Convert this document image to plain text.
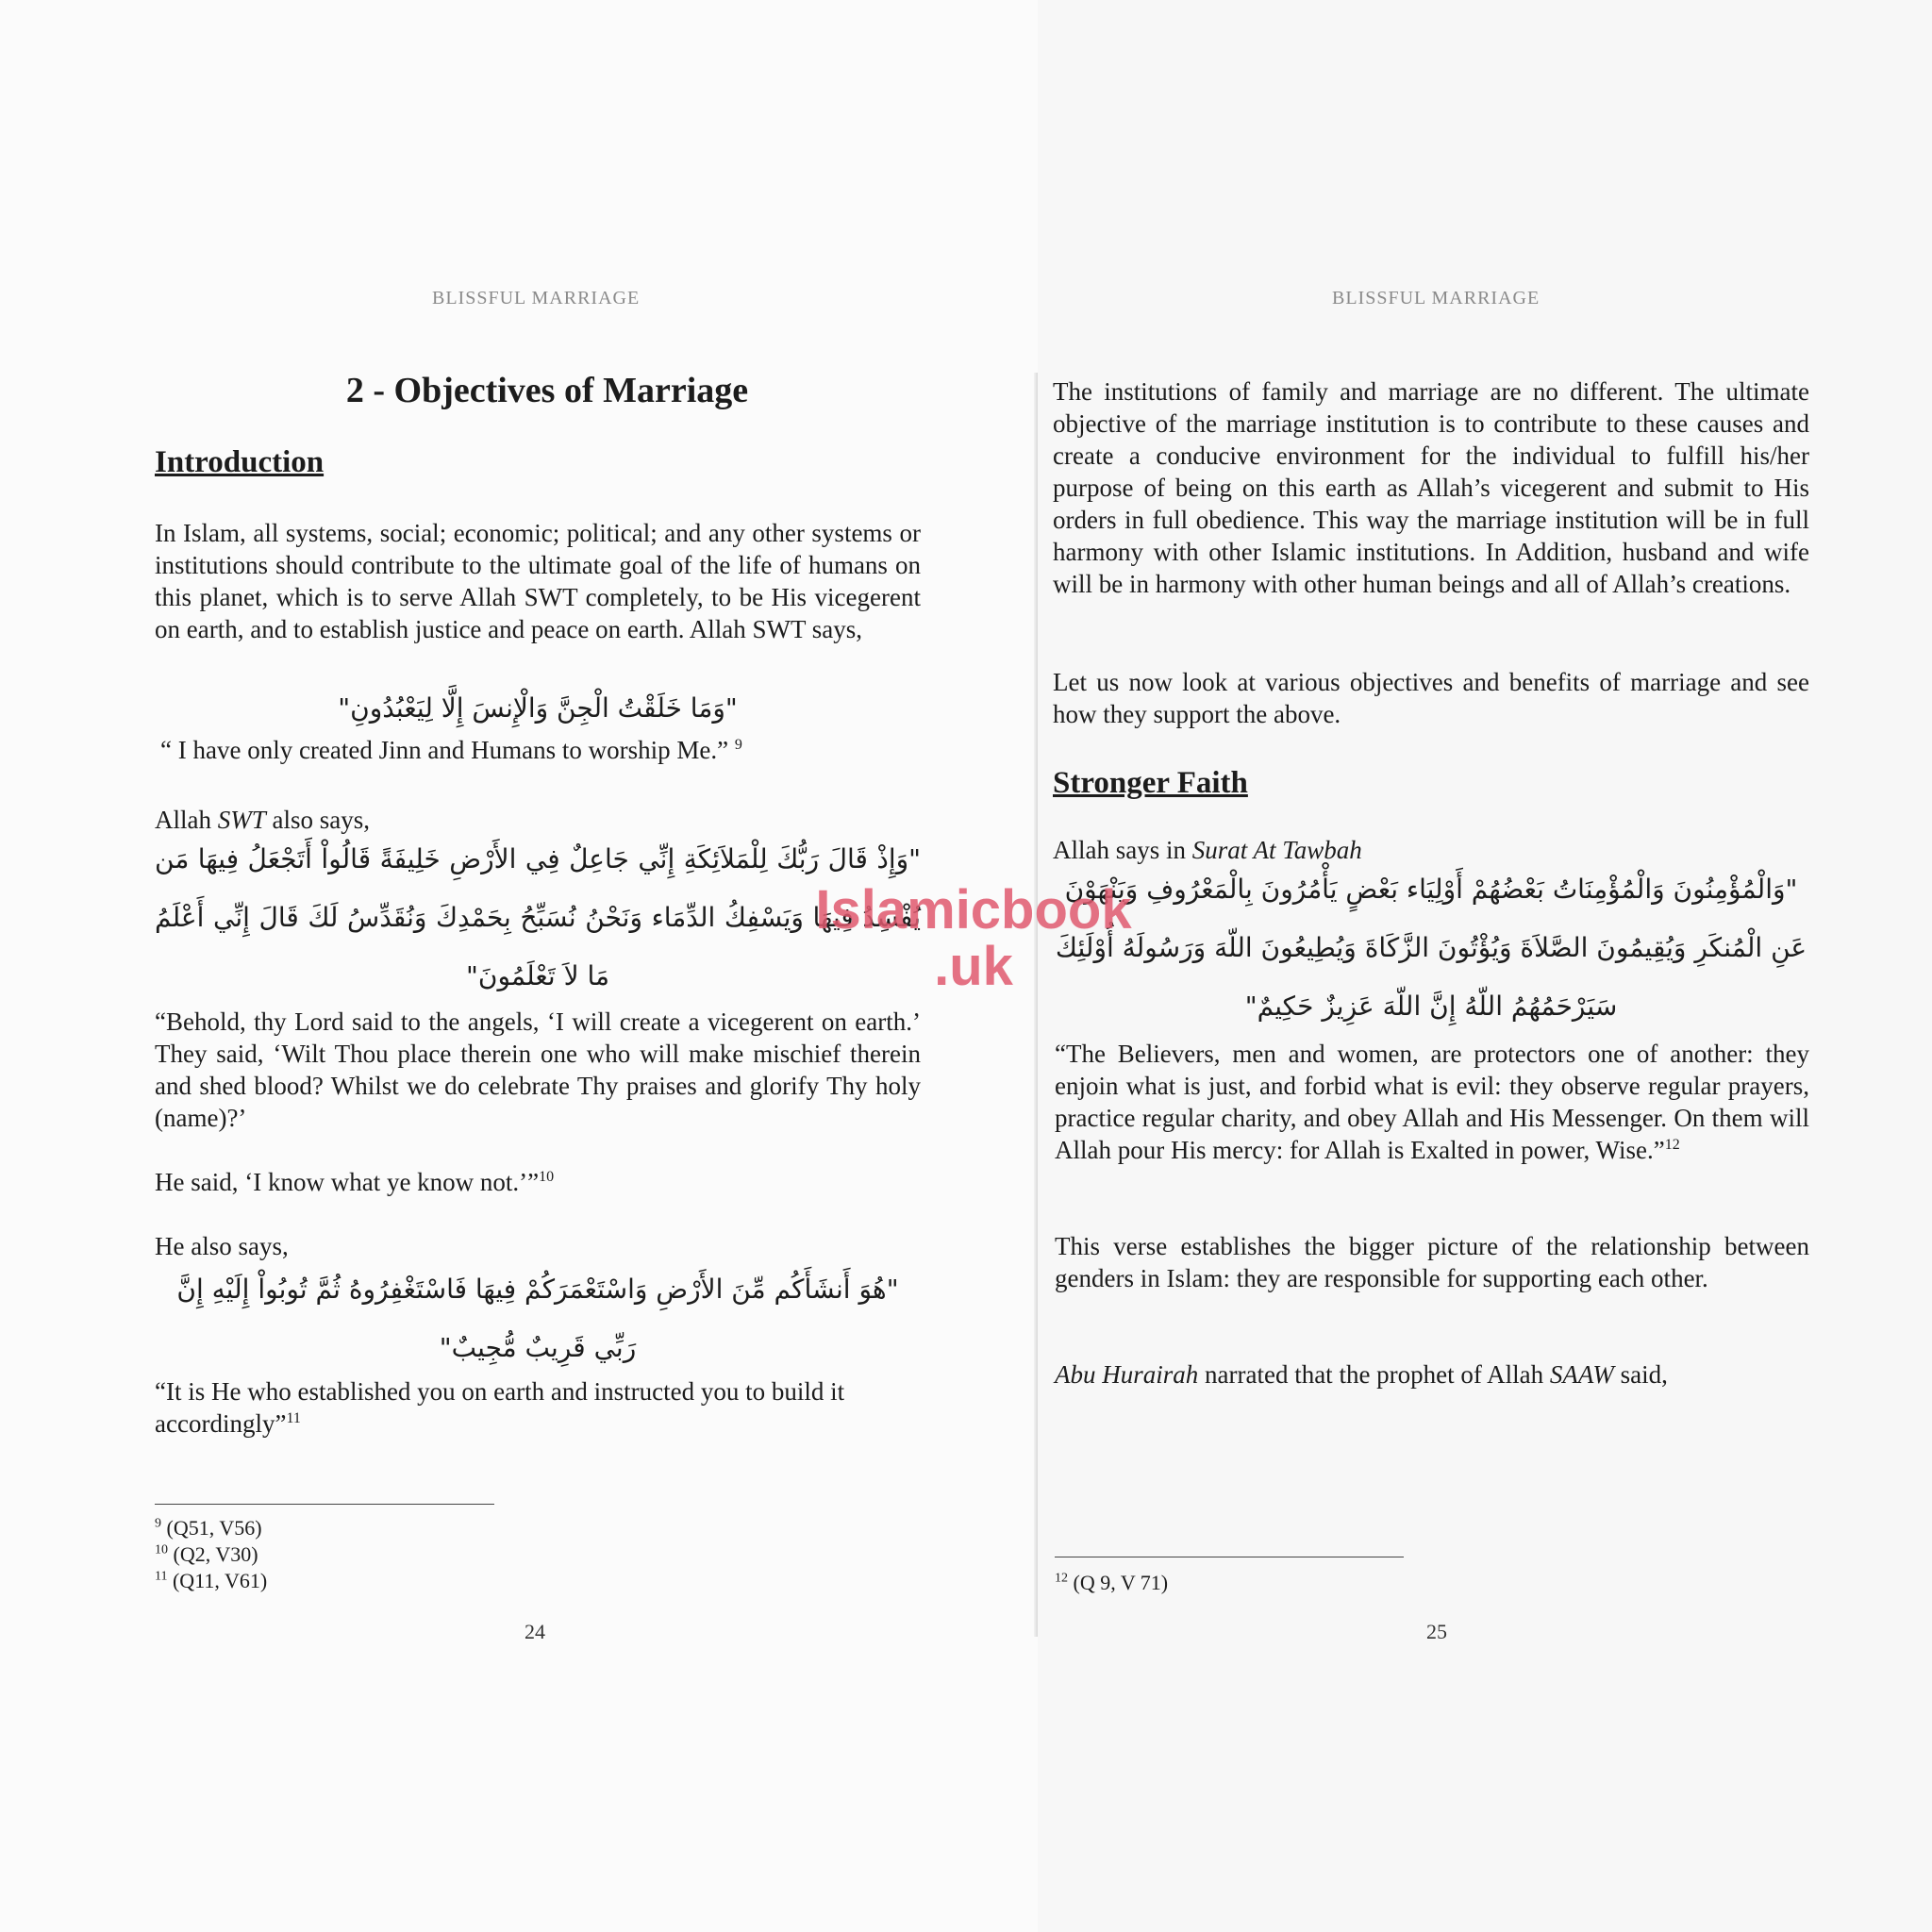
BLISSFUL MARRIAGE
2 - Objectives of Marriage
Introduction

In Islam, all systems, social; economic; political; and any other systems or institutions should contribute to the ultimate goal of the life of humans on this planet, which is to serve Allah SWT completely, to be His vicegerent on earth, and to establish justice and peace on earth. Allah SWT says,

"وَمَا خَلَقْتُ الْجِنَّ وَالْإِنسَ إِلَّا لِيَعْبُدُونِ"

“ I have only created Jinn and Humans to worship Me.” $^9$

Allah SWT also says,

"وَإِذْ قَالَ رَبُّكَ لِلْمَلاَئِكَةِ إِنِّي جَاعِلٌ فِي الأَرْضِ خَلِيفَةً قَالُواْ أَتَجْعَلُ فِيهَا مَن يُفْسِدُ فِيهَا وَيَسْفِكُ الدِّمَاء وَنَحْنُ نُسَبِّحُ بِحَمْدِكَ وَنُقَدِّسُ لَكَ قَالَ إِنِّي أَعْلَمُ مَا لاَ تَعْلَمُونَ"

“Behold, thy Lord said to the angels, ‘I will create a vicegerent on earth.’ They said, ‘Wilt Thou place therein one who will make mischief therein and shed blood? Whilst we do celebrate Thy praises and glorify Thy holy (name)?’

He said, ‘I know what ye know not.’”$^{10}$

He also says,

"هُوَ أَنشَأَكُم مِّنَ الأَرْضِ وَاسْتَعْمَرَكُمْ فِيهَا فَاسْتَغْفِرُوهُ ثُمَّ تُوبُواْ إِلَيْهِ إِنَّ رَبِّي قَرِيبٌ مُّجِيبٌ"

“It is He who established you on earth and instructed you to build it accordingly”$^{11}$

$^9$ (Q51, V56)
$^{10}$ (Q2, V30)
$^{11}$ (Q11, V61)
24
BLISSFUL MARRIAGE

The institutions of family and marriage are no different. The ultimate objective of the marriage institution is to contribute to these causes and create a conducive environment for the individual to fulfill his/her purpose of being on this earth as Allah’s vicegerent and submit to His orders in full obedience. This way the marriage institution will be in full harmony with other Islamic institutions. In Addition, husband and wife will be in harmony with other human beings and all of Allah’s creations.

Let us now look at various objectives and benefits of marriage and see how they support the above.

Stronger Faith

Allah says in Surat At Tawbah

"وَالْمُؤْمِنُونَ وَالْمُؤْمِنَاتُ بَعْضُهُمْ أَوْلِيَاء بَعْضٍ يَأْمُرُونَ بِالْمَعْرُوفِ وَيَنْهَوْنَ عَنِ الْمُنكَرِ وَيُقِيمُونَ الصَّلاَةَ وَيُؤْتُونَ الزَّكَاةَ وَيُطِيعُونَ اللّهَ وَرَسُولَهُ أُوْلَئِكَ سَيَرْحَمُهُمُ اللّهُ إِنَّ اللّهَ عَزِيزٌ حَكِيمٌ"

“The Believers, men and women, are protectors one of another: they enjoin what is just, and forbid what is evil: they observe regular prayers, practice regular charity, and obey Allah and His Messenger. On them will Allah pour His mercy: for Allah is Exalted in power, Wise.”$^{12}$

This verse establishes the bigger picture of the relationship between genders in Islam: they are responsible for supporting each other.

Abu Hurairah narrated that the prophet of Allah SAAW said,

$^{12}$ (Q 9, V 71)
25
Islamicbook
.uk
